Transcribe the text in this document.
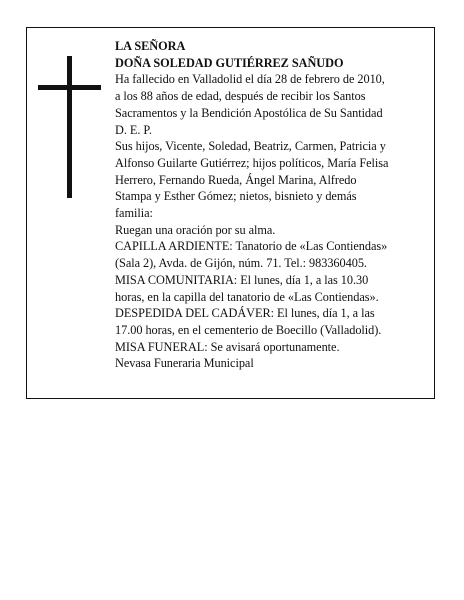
LA SEÑORA
DOÑA SOLEDAD GUTIÉRREZ SAÑUDO
Ha fallecido en Valladolid el día 28 de febrero de 2010,
a los 88 años de edad, después de recibir los Santos
Sacramentos y la Bendición Apostólica de Su Santidad
D. E. P.
Sus hijos, Vicente, Soledad, Beatriz, Carmen, Patricia y
Alfonso Guilarte Gutiérrez; hijos políticos, María Felisa
Herrero, Fernando Rueda, Ángel Marina, Alfredo
Stampa y Esther Gómez; nietos, bisnieto y demás
familia:
Ruegan una oración por su alma.
CAPILLA ARDIENTE: Tanatorio de «Las Contiendas»
(Sala 2), Avda. de Gijón, núm. 71. Tel.: 983360405.
MISA COMUNITARIA: El lunes, día 1, a las 10.30
horas, en la capilla del tanatorio de «Las Contiendas».
DESPEDIDA DEL CADÁVER: El lunes, día 1, a las
17.00 horas, en el cementerio de Boecillo (Valladolid).
MISA FUNERAL: Se avisará oportunamente.
Nevasa Funeraria Municipal
